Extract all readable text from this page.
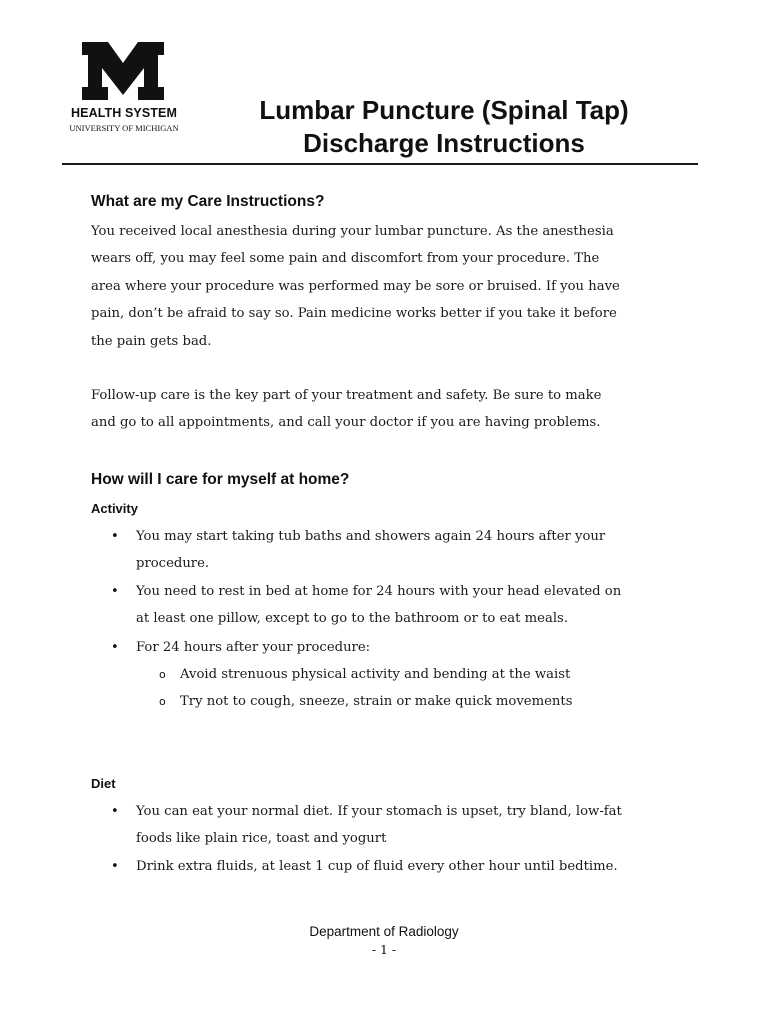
HEALTH SYSTEM
UNIVERSITY OF MICHIGAN
Lumbar Puncture (Spinal Tap)
Discharge Instructions
What are my Care Instructions?
You received local anesthesia during your lumbar puncture. As the anesthesia
wears off, you may feel some pain and discomfort from your procedure. The
area where your procedure was performed may be sore or bruised. If you have
pain, don’t be afraid to say so. Pain medicine works better if you take it before
the pain gets bad.
Follow-up care is the key part of your treatment and safety. Be sure to make
and go to all appointments, and call your doctor if you are having problems.
How will I care for myself at home?
Activity
• You may start taking tub baths and showers again 24 hours after your
procedure.
• You need to rest in bed at home for 24 hours with your head elevated on
at least one pillow, except to go to the bathroom or to eat meals.
• For 24 hours after your procedure:
o Avoid strenuous physical activity and bending at the waist
o Try not to cough, sneeze, strain or make quick movements
Diet
• You can eat your normal diet. If your stomach is upset, try bland, low-fat
foods like plain rice, toast and yogurt
• Drink extra fluids, at least 1 cup of fluid every other hour until bedtime.
Department of Radiology
- 1 -
